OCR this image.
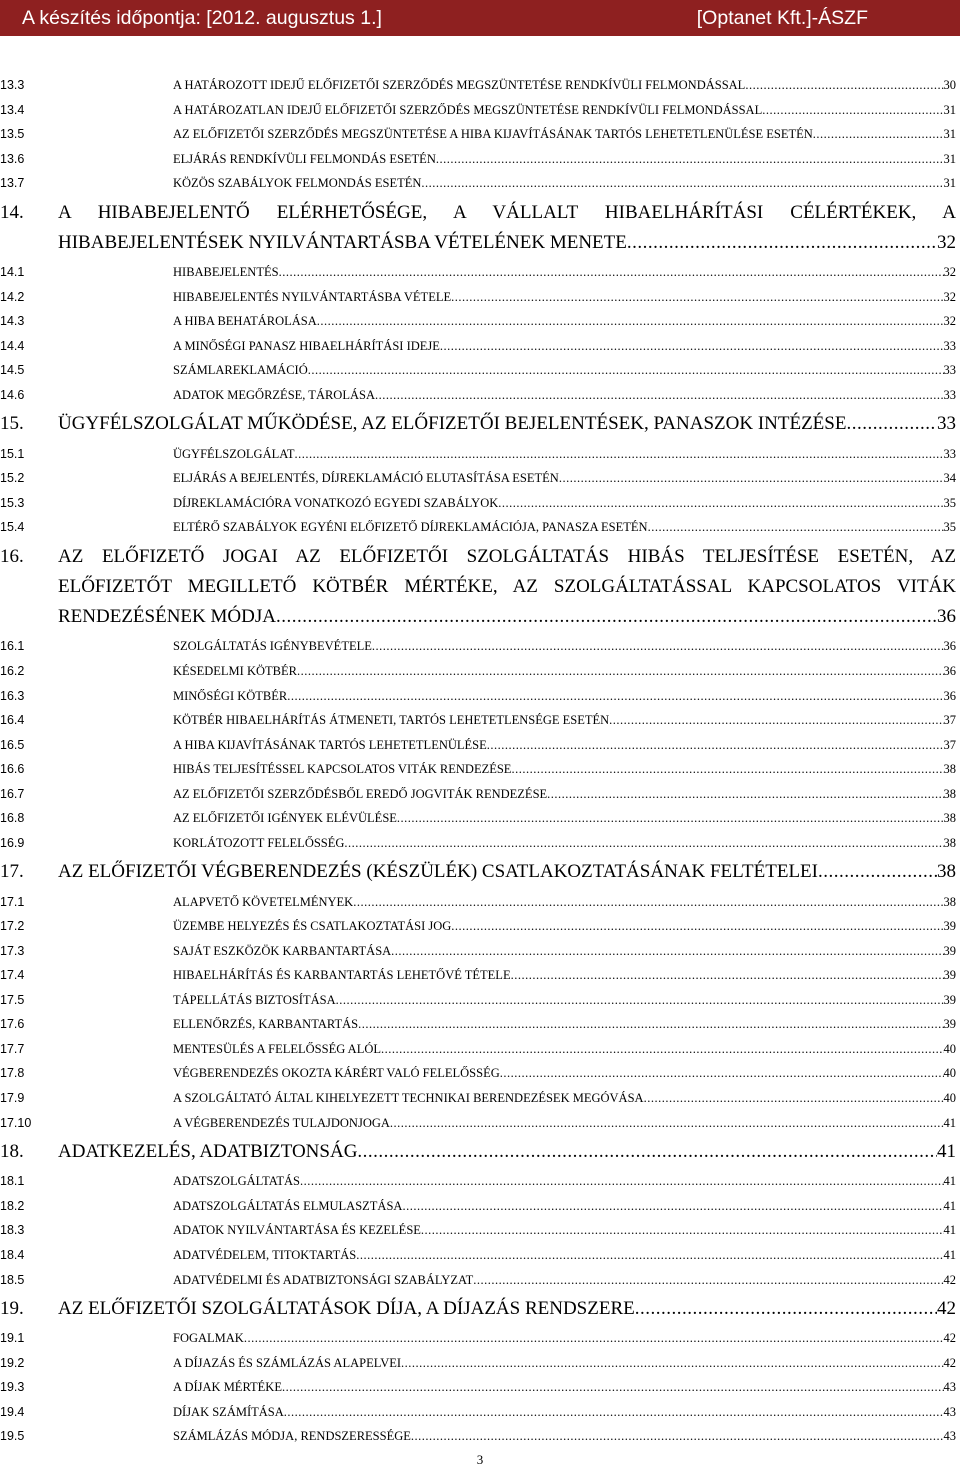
A készítés időpontja: [2012. augusztus 1.]	[Optanet Kft.]-ÁSZF
13.3	A HATÁROZOTT IDEJŰ ELŐFIZETŐI SZERZŐDÉS MEGSZÜNTETÉSE RENDKÍVÜLI FELMONDÁSSAL .....	30
13.4	A HATÁROZATLAN IDEJŰ ELŐFIZETŐI SZERZŐDÉS MEGSZÜNTETÉSE RENDKÍVÜLI FELMONDÁSSAL .....	31
13.5	AZ ELŐFIZETŐI SZERZŐDÉS MEGSZÜNTETÉSE A HIBA KIJAVÍTÁSÁNAK TARTÓS LEHETETLENÜLÉSE ESETÉN .....	31
13.6	ELJÁRÁS RENDKÍVÜLI FELMONDÁS ESETÉN .....	31
13.7	KÖZÖS SZABÁLYOK FELMONDÁS ESETÉN .....	31
14. A HIBABEJELENTŐ ELÉRHETŐSÉGE, A VÁLLALT HIBAELHÁRÍTÁSI CÉLÉRTÉKEK, A
HIBABEJELENTÉSEK NYILVÁNTARTÁSBA VÉTELÉNEK MENETE .....	32
14.1	HIBABEJELENTÉS .....	32
14.2	HIBABEJELENTÉS NYILVÁNTARTÁSBA VÉTELE .....	32
14.3	A HIBA BEHATÁROLÁSA .....	32
14.4	A MINŐSÉGI PANASZ HIBAELHÁRÍTÁSI IDEJE .....	33
14.5	SZÁMLAREKLAMÁCIÓ .....	33
14.6	ADATOK MEGŐRZÉSE, TÁROLÁSA .....	33
15. ÜGYFÉLSZOLGÁLAT MŰKÖDÉSE, AZ ELŐFIZETŐI BEJELENTÉSEK, PANASZOK INTÉZÉSE .....	33
15.1	ÜGYFÉLSZOLGÁLAT .....	33
15.2	ELJÁRÁS A BEJELENTÉS, DÍJREKLAMÁCIÓ ELUTASÍTÁSA ESETÉN .....	34
15.3	DÍJREKLAMÁCIÓRA VONATKOZÓ EGYEDI SZABÁLYOK .....	35
15.4	ELTÉRŐ SZABÁLYOK EGYÉNI ELŐFIZETŐ DÍJREKLAMÁCIÓJA, PANASZA ESETÉN .....	35
16. AZ ELŐFIZETŐ JOGAI AZ ELŐFIZETŐI SZOLGÁLTATÁS HIBÁS TELJESÍTÉSE ESETÉN, AZ
ELŐFIZETŐT MEGILLETŐ KÖTBÉR MÉRTÉKE, AZ SZOLGÁLTATÁSSAL KAPCSOLATOS VITÁK
RENDEZÉSÉNEK MÓDJA .....	36
16.1	SZOLGÁLTATÁS IGÉNYBEVÉTELE .....	36
16.2	KÉSEDELMI KÖTBÉR .....	36
16.3	MINŐSÉGI KÖTBÉR .....	36
16.4	KÖTBÉR HIBAELHÁRÍTÁS ÁTMENETI, TARTÓS LEHETETLENSÉGE ESETÉN .....	37
16.5	A HIBA KIJAVÍTÁSÁNAK TARTÓS LEHETETLENÜLÉSE .....	37
16.6	HIBÁS TELJESÍTÉSSEL KAPCSOLATOS VITÁK RENDEZÉSE .....	38
16.7	AZ ELŐFIZETŐI SZERZŐDÉSBŐL EREDŐ JOGVITÁK RENDEZÉSE .....	38
16.8	AZ ELŐFIZETŐI IGÉNYEK ELÉVÜLÉSE .....	38
16.9	KORLÁTOZOTT FELELŐSSÉG .....	38
17. AZ ELŐFIZETŐI VÉGBERENDEZÉS (KÉSZÜLÉK) CSATLAKOZTATÁSÁNAK FELTÉTELEI .....	38
17.1	ALAPVETŐ KÖVETELMÉNYEK .....	38
17.2	ÜZEMBE HELYEZÉS ÉS CSATLAKOZTATÁSI JOG .....	39
17.3	SAJÁT ESZKÖZÖK KARBANTARTÁSA .....	39
17.4	HIBAELHÁRÍTÁS ÉS KARBANTARTÁS LEHETŐVÉ TÉTELE .....	39
17.5	TÁPELLÁTÁS BIZTOSÍTÁSA .....	39
17.6	ELLENŐRZÉS, KARBANTARTÁS .....	39
17.7	MENTESÜLÉS A FELELŐSSÉG ALÓL .....	40
17.8	VÉGBERENDEZÉS OKOZTA KÁRÉRT VALÓ FELELŐSSÉG .....	40
17.9	A SZOLGÁLTATÓ ÁLTAL KIHELYEZETT TECHNIKAI BERENDEZÉSEK MEGÓVÁSA .....	40
17.10	A VÉGBERENDEZÉS TULAJDONJOGA .....	41
18. ADATKEZELÉS, ADATBIZTONSÁG .....	41
18.1	ADATSZOLGÁLTATÁS .....	41
18.2	ADATSZOLGÁLTATÁS ELMULASZTÁSA .....	41
18.3	ADATOK NYILVÁNTARTÁSA ÉS KEZELÉSE .....	41
18.4	ADATVÉDELEM, TITOKTARTÁS .....	41
18.5	ADATVÉDELMI ÉS ADATBIZTONSÁGI SZABÁLYZAT .....	42
19. AZ ELŐFIZETŐI SZOLGÁLTATÁSOK DÍJA, A DÍJAZÁS RENDSZERE .....	42
19.1	FOGALMAK .....	42
19.2	A DÍJAZÁS ÉS SZÁMLÁZÁS ALAPELVEI .....	42
19.3	A DÍJAK MÉRTÉKE .....	43
19.4	DÍJAK SZÁMÍTÁSA .....	43
19.5	SZÁMLÁZÁS MÓDJA, RENDSZERESSÉGE .....	43
3
